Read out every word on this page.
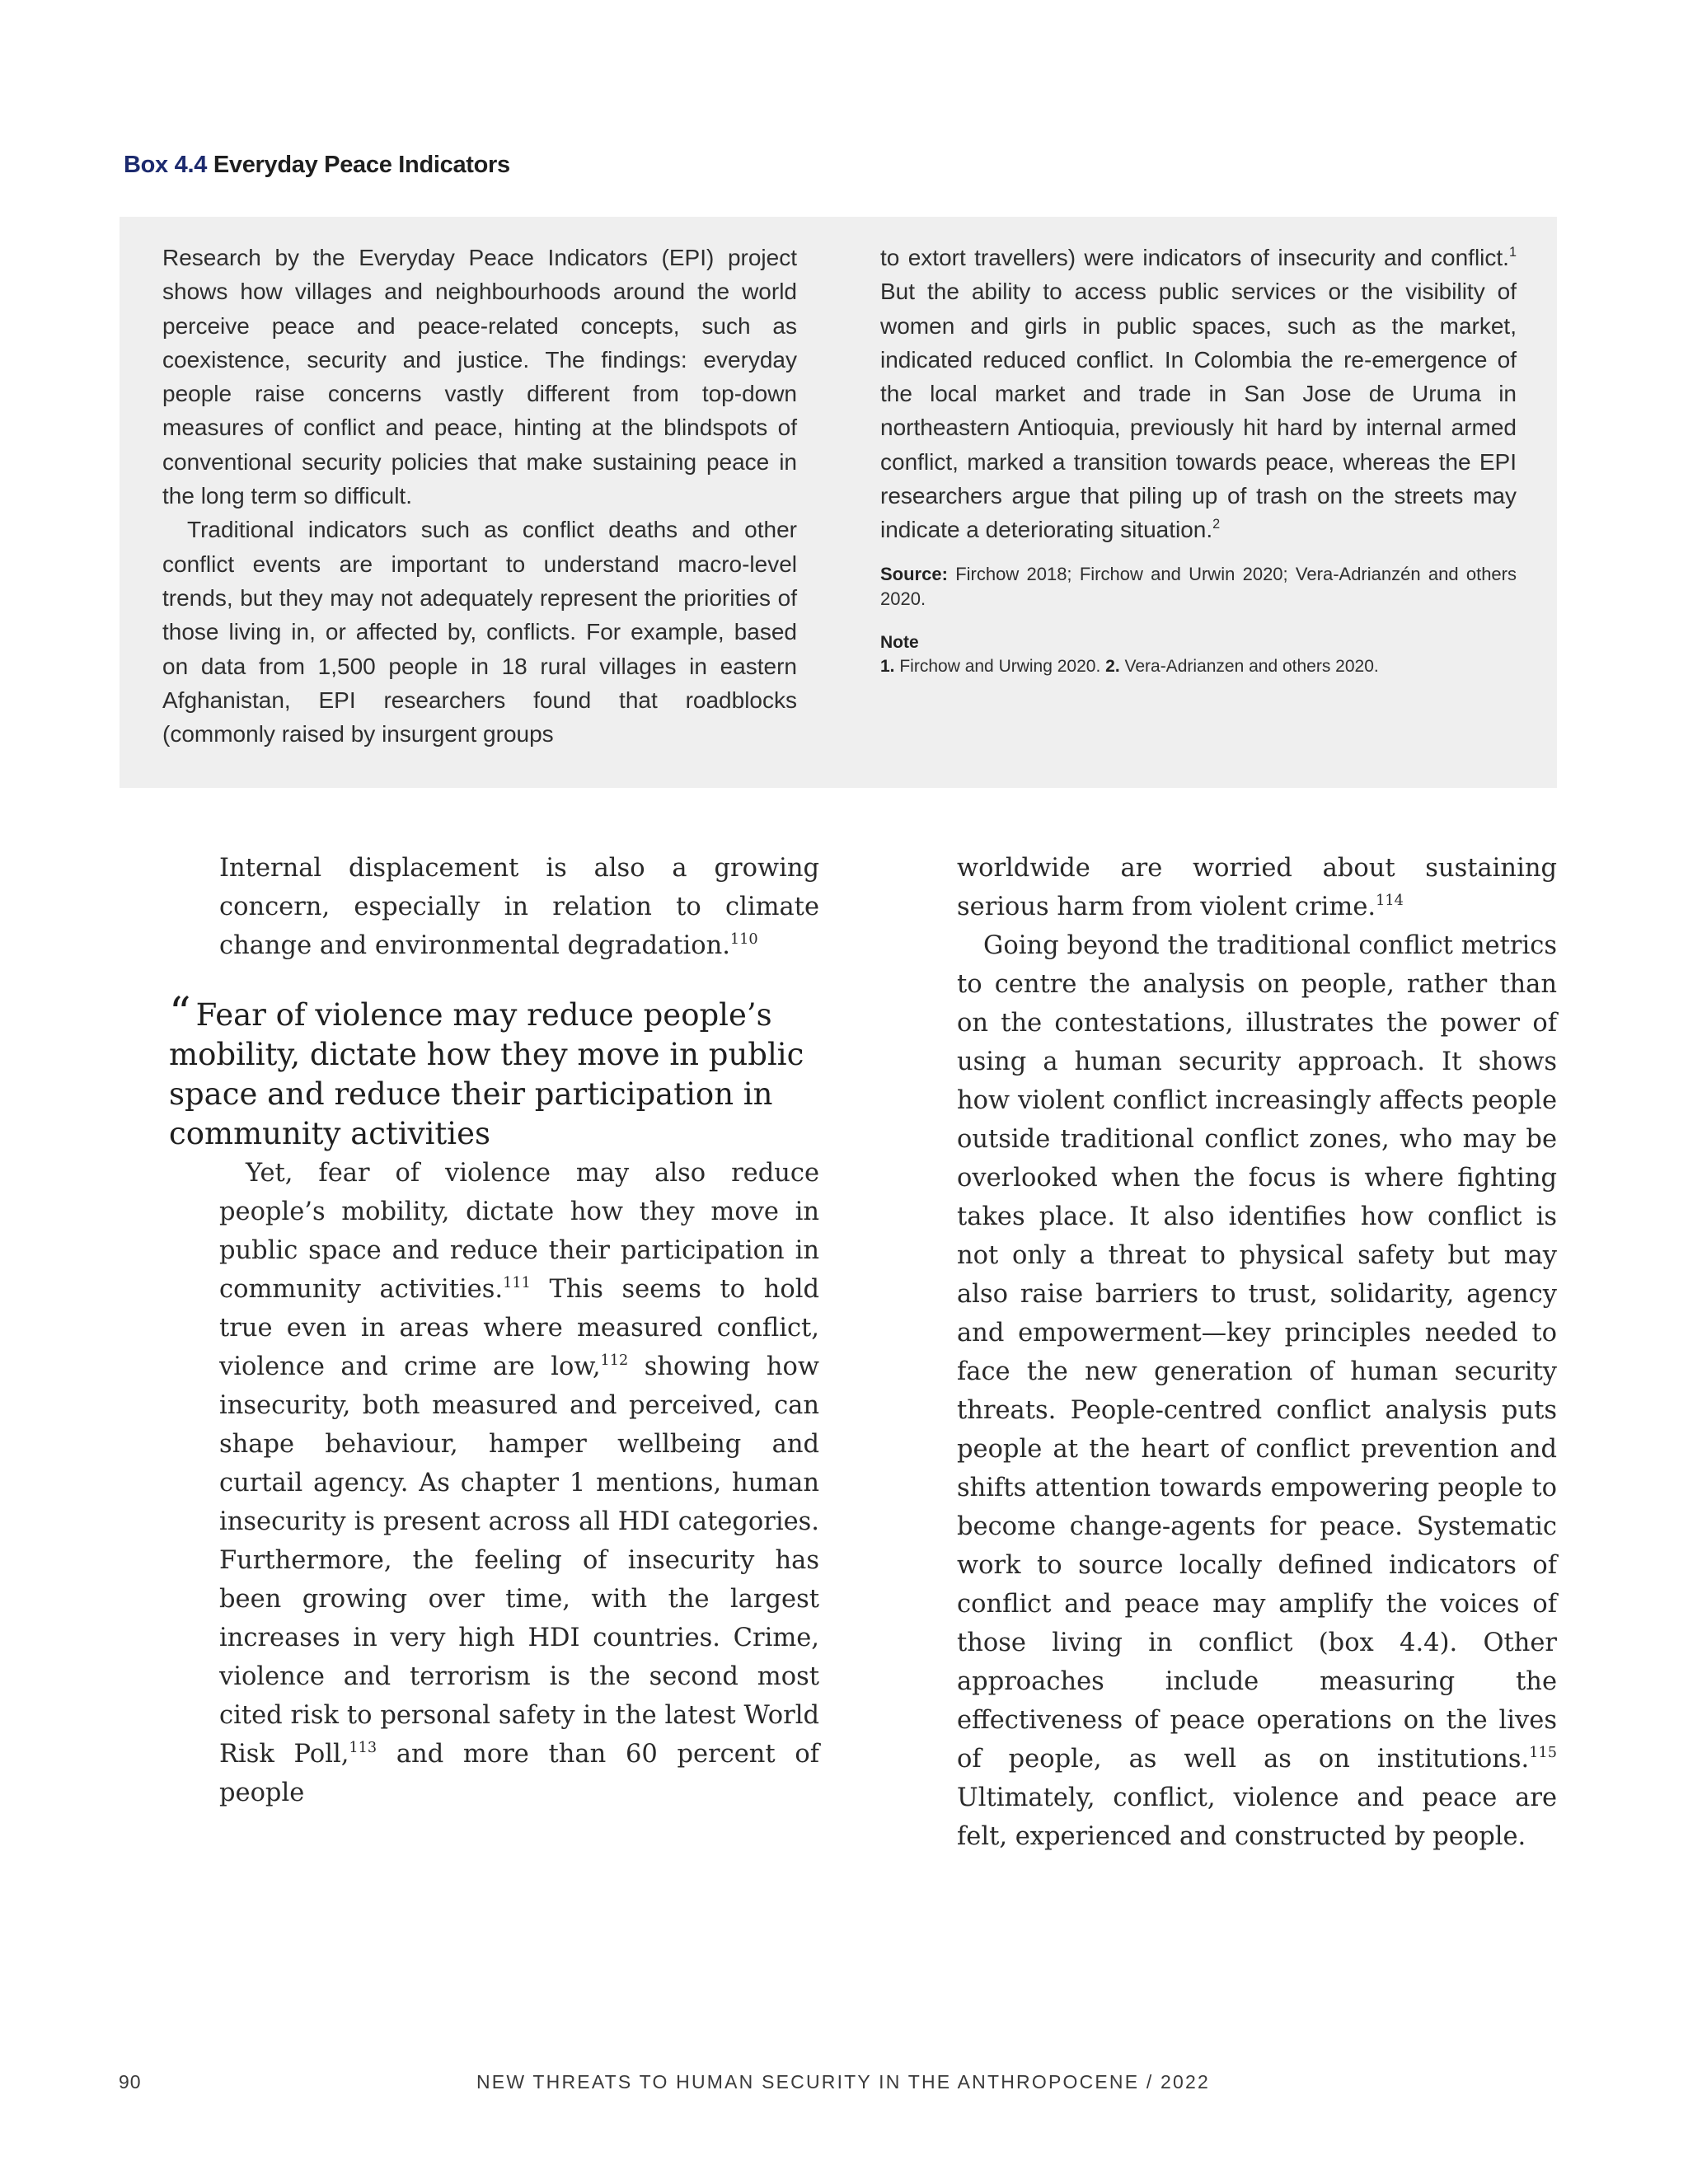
Box 4.4 Everyday Peace Indicators

Research by the Everyday Peace Indicators (EPI) project shows how villages and neighbourhoods around the world perceive peace and peace-related concepts, such as coexistence, security and justice. The findings: everyday people raise concerns vastly different from top-down measures of conflict and peace, hinting at the blindspots of conventional security policies that make sustaining peace in the long term so difficult.

Traditional indicators such as conflict deaths and other conflict events are important to understand macro-level trends, but they may not adequately represent the priorities of those living in, or affected by, conflicts. For example, based on data from 1,500 people in 18 rural villages in eastern Afghanistan, EPI researchers found that roadblocks (commonly raised by insurgent groups

to extort travellers) were indicators of insecurity and conflict.$^1$ But the ability to access public services or the visibility of women and girls in public spaces, such as the market, indicated reduced conflict. In Colombia the re-emergence of the local market and trade in San Jose de Uruma in northeastern Antioquia, previously hit hard by internal armed conflict, marked a transition towards peace, whereas the EPI researchers argue that piling up of trash on the streets may indicate a deteriorating situation.$^2$

Source: Firchow 2018; Firchow and Urwin 2020; Vera-Adrianzén and others 2020.

Note

1. Firchow and Urwing 2020. 2. Vera-Adrianzen and others 2020.

Internal displacement is also a growing concern, especially in relation to climate change and environmental degradation.$^{110}$

“ Fear of violence may reduce people’s mobility, dictate how they move in public space and reduce their participation in community activities

Yet, fear of violence may also reduce people’s mobility, dictate how they move in public space and reduce their participation in community activities.$^{111}$ This seems to hold true even in areas where measured conflict, violence and crime are low,$^{112}$ showing how insecurity, both measured and perceived, can shape behaviour, hamper wellbeing and curtail agency. As chapter 1 mentions, human insecurity is present across all HDI categories. Furthermore, the feeling of insecurity has been growing over time, with the largest increases in very high HDI countries. Crime, violence and terrorism is the second most cited risk to personal safety in the latest World Risk Poll,$^{113}$ and more than 60 percent of people

worldwide are worried about sustaining serious harm from violent crime.$^{114}$

Going beyond the traditional conflict metrics to centre the analysis on people, rather than on the contestations, illustrates the power of using a human security approach. It shows how violent conflict increasingly affects people outside traditional conflict zones, who may be overlooked when the focus is where fighting takes place. It also identifies how conflict is not only a threat to physical safety but may also raise barriers to trust, solidarity, agency and empowerment—key principles needed to face the new generation of human security threats. People-centred conflict analysis puts people at the heart of conflict prevention and shifts attention towards empowering people to become change-agents for peace. Systematic work to source locally defined indicators of conflict and peace may amplify the voices of those living in conflict (box 4.4). Other approaches include measuring the effectiveness of peace operations on the lives of people, as well as on institutions.$^{115}$ Ultimately, conflict, violence and peace are felt, experienced and constructed by people.

90	NEW THREATS TO HUMAN SECURITY IN THE ANTHROPOCENE / 2022
